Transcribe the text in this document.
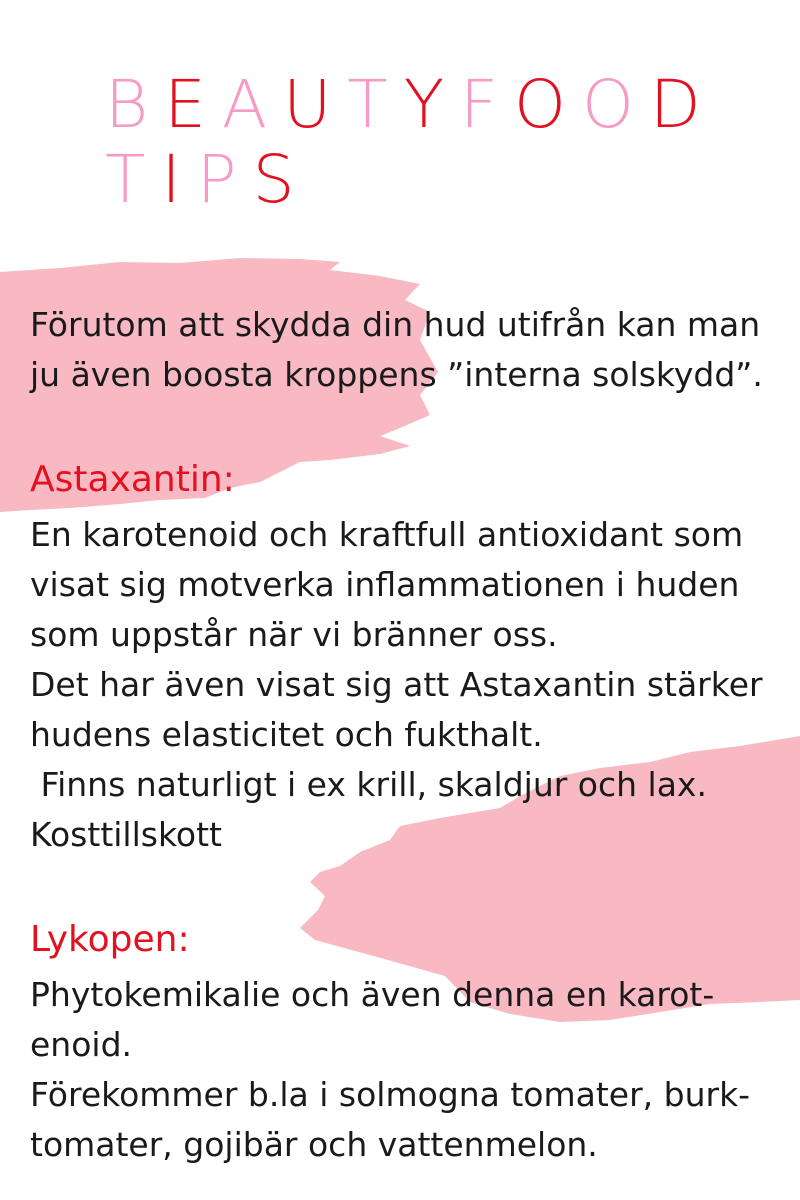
BEAUTYFOOD
TIPS

Förutom att skydda din hud utifrån kan man

ju även boosta kroppens ”interna solskydd”.

Astaxantin:

En karotenoid och kraftfull antioxidant som

visat sig motverka inflammationen i huden

som uppstår när vi bränner oss.

Det har även visat sig att Astaxantin stärker

hudens elasticitet och fukthalt.

Finns naturligt i ex krill, skaldjur och lax.

Kosttillskott

Lykopen:

Phytokemikalie och även denna en karot-

enoid.

Förekommer b.la i solmogna tomater, burk-

tomater, gojibär och vattenmelon.
